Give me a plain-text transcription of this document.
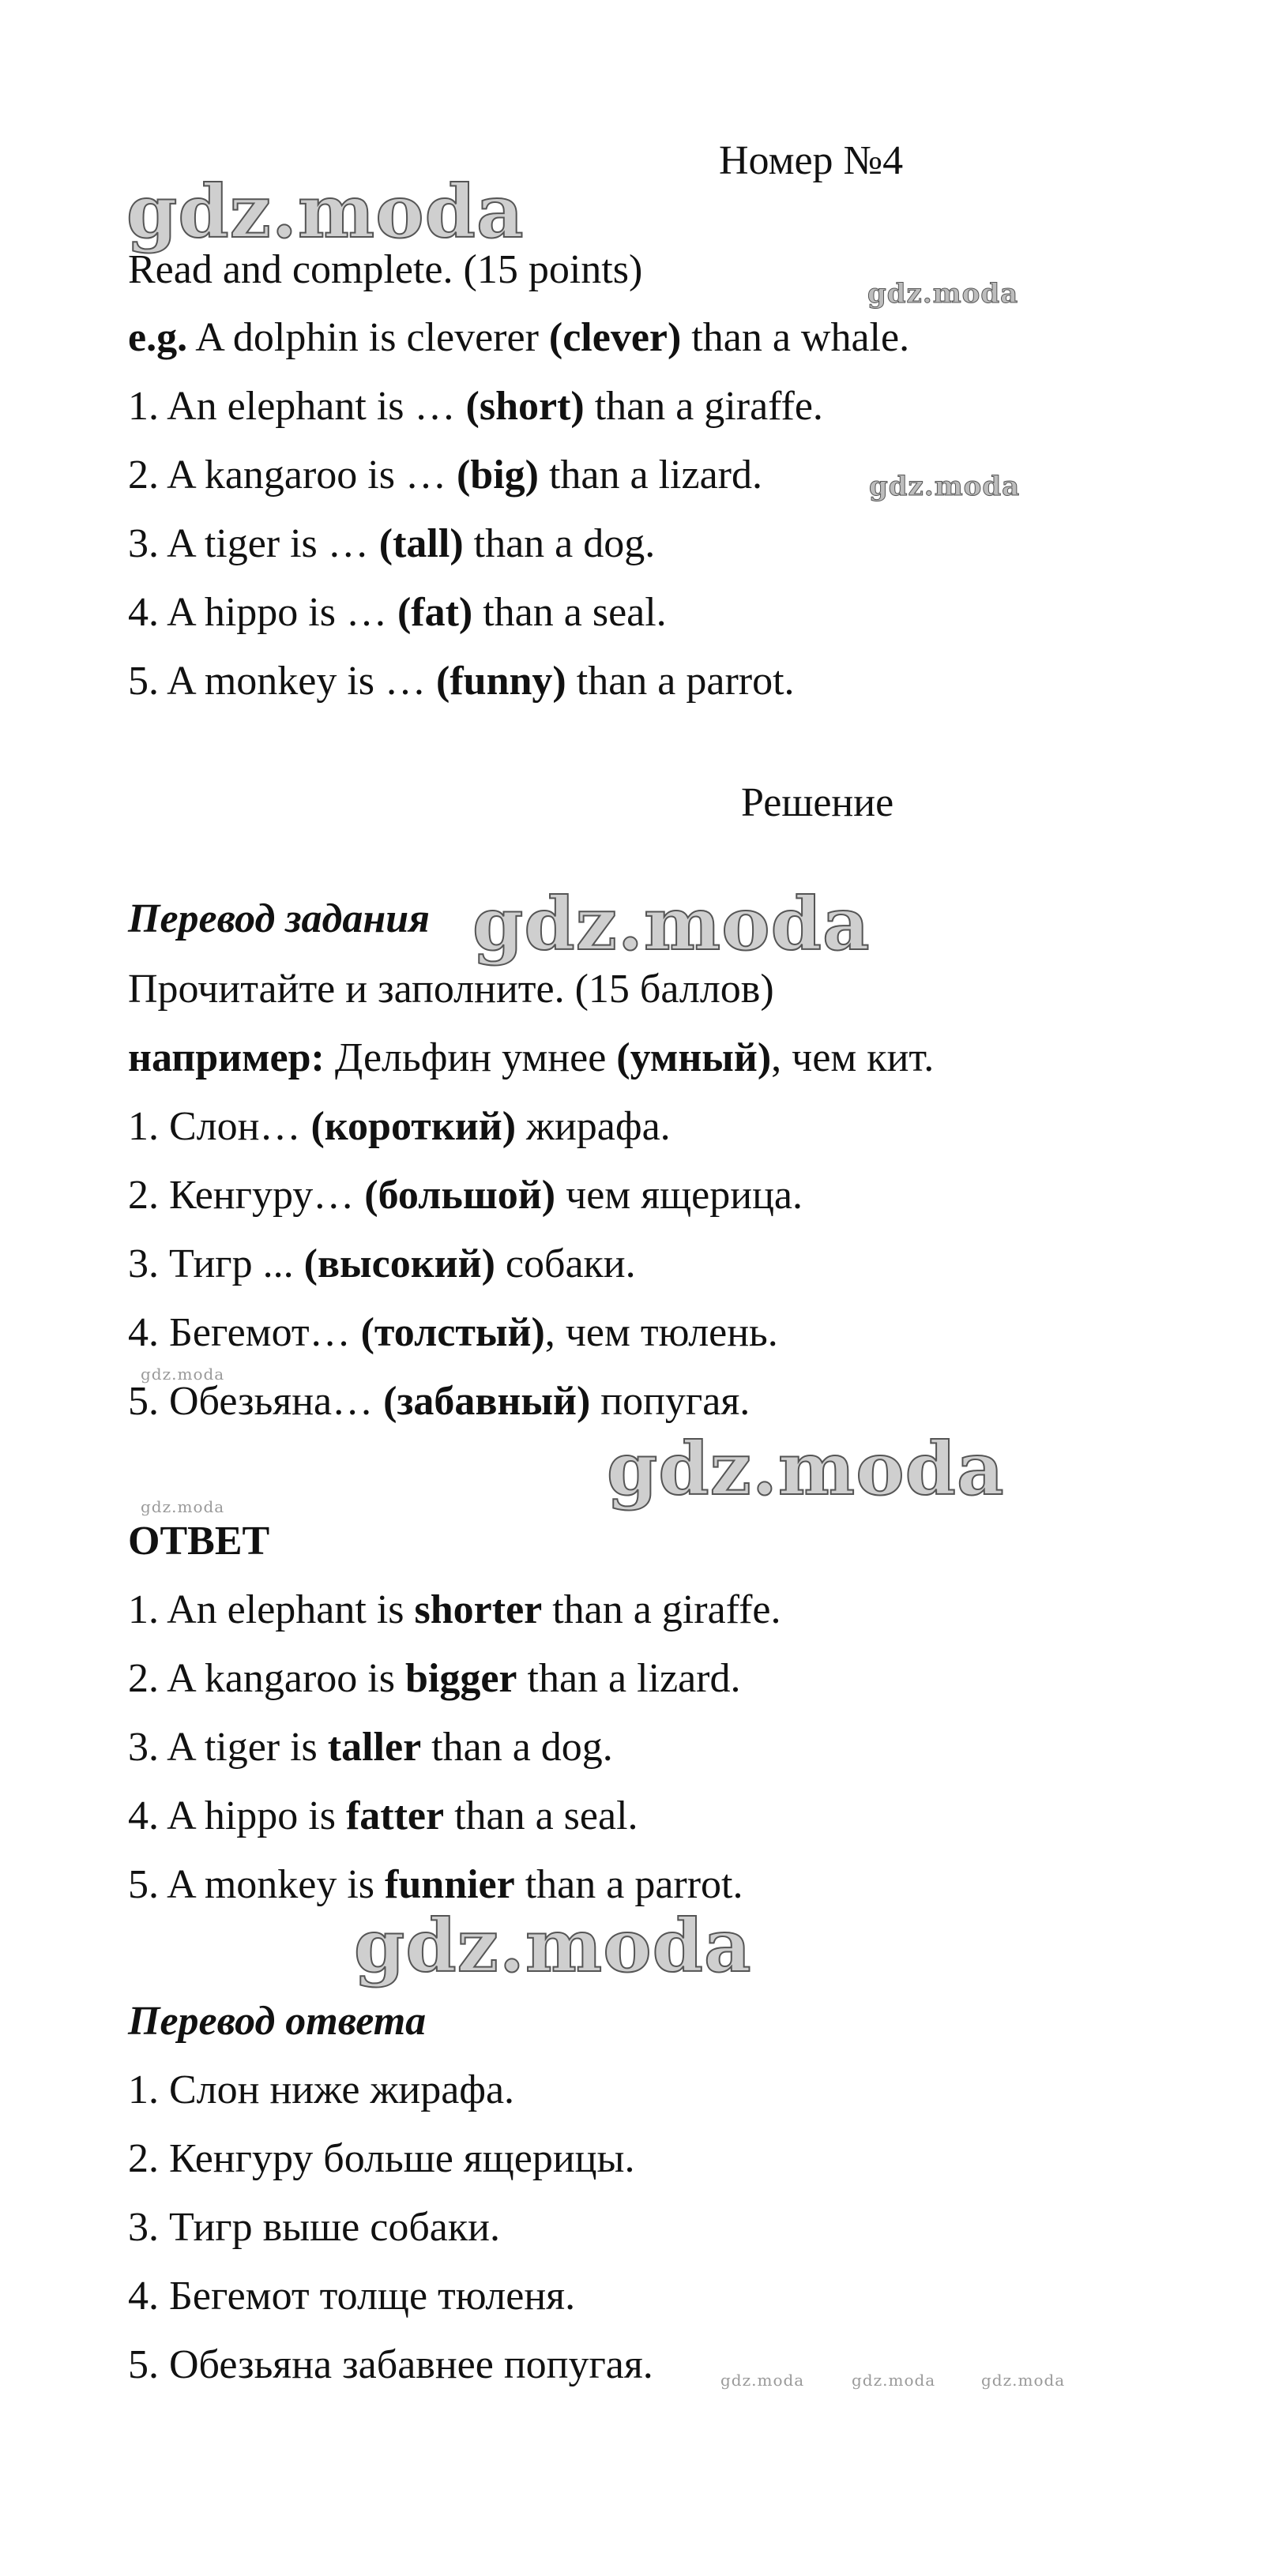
Номер №4
gdz.moda
Read and complete. (15 points)
gdz.moda
e.g. A dolphin is cleverer (clever) than a whale.
1. An elephant is … (short) than a giraffe.
2. A kangaroo is … (big) than a lizard.	gdz.moda
3. A tiger is … (tall) than a dog.
4. A hippo is … (fat) than a seal.
5. A monkey is … (funny) than a parrot.
Решение
Перевод задания gdz.moda
Прочитайте и заполните. (15 баллов)
например: Дельфин умнее (умный), чем кит.
1. Слон… (короткий) жирафа.
2. Кенгуру… (большой) чем ящерица.
3. Тигр ... (высокий) собаки.
4. Бегемот… (толстый), чем тюлень.
gdz.moda
5. Обезьяна… (забавный) попугая.
gdz.moda
gdz.moda
ОТВЕТ
1. An elephant is shorter than a giraffe.
2. A kangaroo is bigger than a lizard.
3. A tiger is taller than a dog.
4. A hippo is fatter than a seal.
5. A monkey is funnier than a parrot.
gdz.moda
Перевод ответа
1. Слон ниже жирафа.
2. Кенгуру больше ящерицы.
3. Тигр выше собаки.
4. Бегемот толще тюленя.
5. Обезьяна забавнее попугая.	gdz.moda	gdz.moda	gdz.moda
